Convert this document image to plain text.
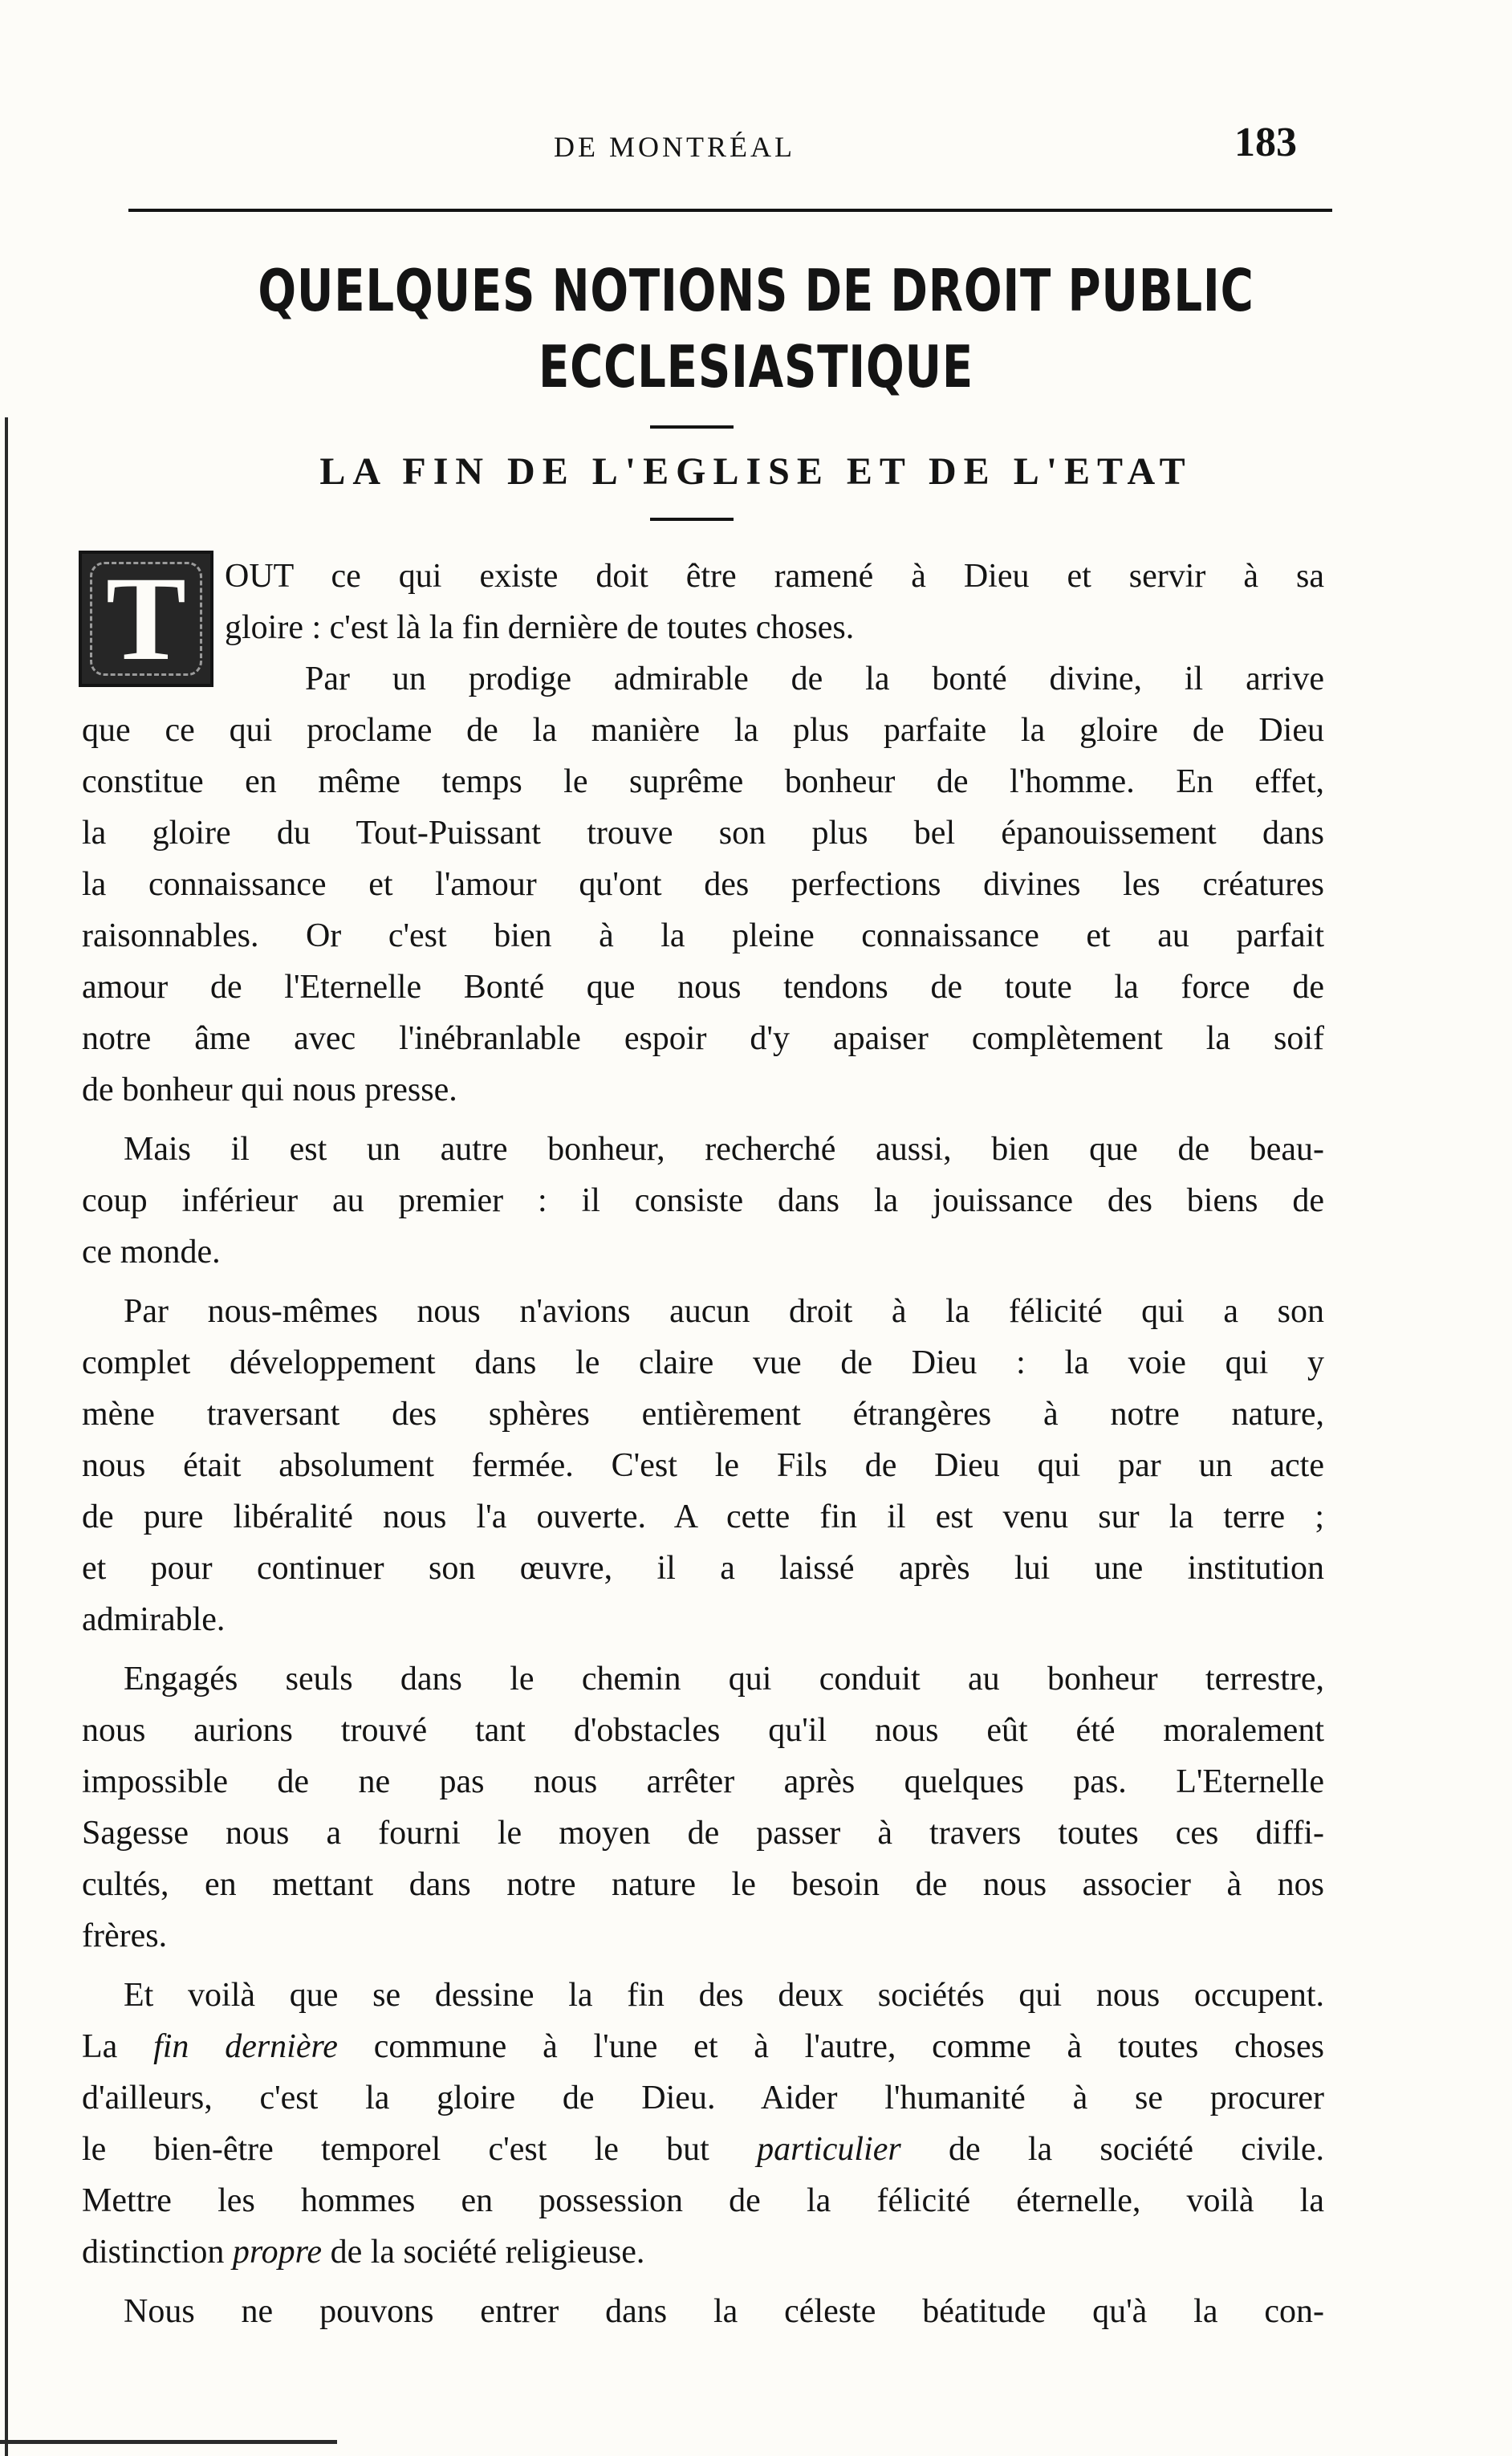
DE MONTRÉAL	183
QUELQUES NOTIONS DE DROIT PUBLIC
ECCLESIASTIQUE
LA FIN DE L'EGLISE ET DE L'ETAT
T OUT ce qui existe doit être ramené à Dieu et servir à sa
gloire : c'est là la fin dernière de toutes choses.
Par un prodige admirable de la bonté divine, il arrive
que ce qui proclame de la manière la plus parfaite la gloire de Dieu
constitue en même temps le suprême bonheur de l'homme. En effet,
la gloire du Tout-Puissant trouve son plus bel épanouissement dans
la connaissance et l'amour qu'ont des perfections divines les créatures
raisonnables. Or c'est bien à la pleine connaissance et au parfait
amour de l'Eternelle Bonté que nous tendons de toute la force de
notre âme avec l'inébranlable espoir d'y apaiser complètement la soif
de bonheur qui nous presse.
Mais il est un autre bonheur, recherché aussi, bien que de beau-
coup inférieur au premier : il consiste dans la jouissance des biens de
ce monde.
Par nous-mêmes nous n'avions aucun droit à la félicité qui a son
complet développement dans le claire vue de Dieu : la voie qui y
mène traversant des sphères entièrement étrangères à notre nature,
nous était absolument fermée. C'est le Fils de Dieu qui par un acte
de pure libéralité nous l'a ouverte. A cette fin il est venu sur la terre ;
et pour continuer son œuvre, il a laissé après lui une institution
admirable.
Engagés seuls dans le chemin qui conduit au bonheur terrestre,
nous aurions trouvé tant d'obstacles qu'il nous eût été moralement
impossible de ne pas nous arrêter après quelques pas. L'Eternelle
Sagesse nous a fourni le moyen de passer à travers toutes ces diffi-
cultés, en mettant dans notre nature le besoin de nous associer à nos
frères.
Et voilà que se dessine la fin des deux sociétés qui nous occupent.
La fin dernière commune à l'une et à l'autre, comme à toutes choses
d'ailleurs, c'est la gloire de Dieu. Aider l'humanité à se procurer
le bien-être temporel c'est le but particulier de la société civile.
Mettre les hommes en possession de la félicité éternelle, voilà la
distinction propre de la société religieuse.
Nous ne pouvons entrer dans la céleste béatitude qu'à la con-
